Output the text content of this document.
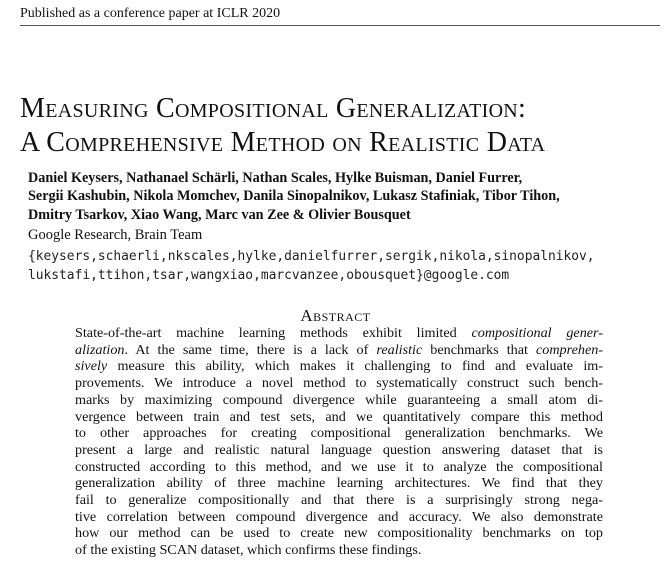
Published as a conference paper at ICLR 2020
Measuring Compositional Generalization:
A Comprehensive Method on Realistic Data
Daniel Keysers, Nathanael Schärli, Nathan Scales, Hylke Buisman, Daniel Furrer,
Sergii Kashubin, Nikola Momchev, Danila Sinopalnikov, Lukasz Stafiniak, Tibor Tihon,
Dmitry Tsarkov, Xiao Wang, Marc van Zee & Olivier Bousquet
Google Research, Brain Team
{keysers,schaerli,nkscales,hylke,danielfurrer,sergik,nikola,sinopalnikov,
lukstafi,ttihon,tsar,wangxiao,marcvanzee,obousquet}@google.com
Abstract
State-of-the-art machine learning methods exhibit limited compositional gener-
alization. At the same time, there is a lack of realistic benchmarks that comprehen-
sively measure this ability, which makes it challenging to find and evaluate im-
provements. We introduce a novel method to systematically construct such bench-
marks by maximizing compound divergence while guaranteeing a small atom di-
vergence between train and test sets, and we quantitatively compare this method
to other approaches for creating compositional generalization benchmarks. We
present a large and realistic natural language question answering dataset that is
constructed according to this method, and we use it to analyze the compositional
generalization ability of three machine learning architectures. We find that they
fail to generalize compositionally and that there is a surprisingly strong nega-
tive correlation between compound divergence and accuracy. We also demonstrate
how our method can be used to create new compositionality benchmarks on top
of the existing SCAN dataset, which confirms these findings.
